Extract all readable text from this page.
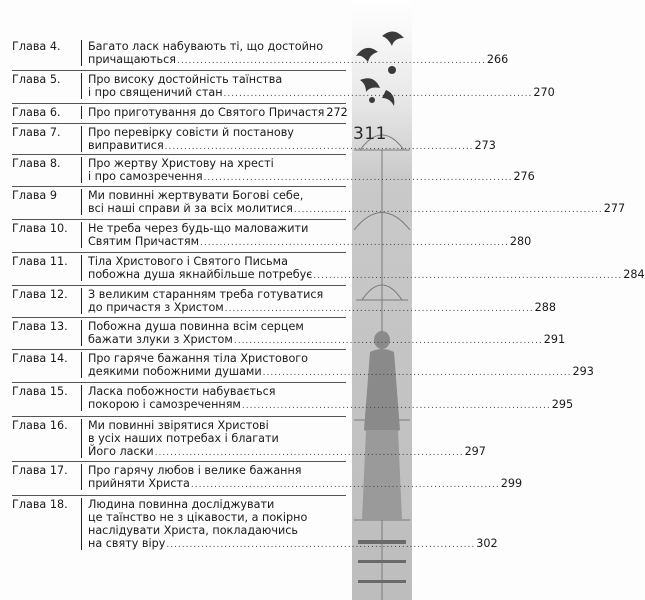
311
Глава 4.	Багато ласк набувають ті, що достойно
причащаються ................................................................................ 266
Глава 5.	Про високу достойність таїнства
і про священичий стан ................................................................................ 270
Глава 6.	Про приготування до Святого Причастя 272
Глава 7.	Про перевірку совісти й постанову
виправитися ................................................................................ 273
Глава 8.	Про жертву Христову на хресті
і про самозречення ................................................................................ 276
Глава 9	Ми повинні жертвувати Богові себе,
всі наші справи й за всіх молитися ................................................................................ 277
Глава 10.	Не треба через будь-що маловажити
Святим Причастям ................................................................................ 280
Глава 11.	Тіла Христового і Святого Письма
побожна душа якнайбільше потребує ................................................................................ 284
Глава 12.	З великим старанням треба готуватися
до причастя з Христом ................................................................................ 288
Глава 13.	Побожна душа повинна всім серцем
бажати злуки з Христом ................................................................................ 291
Глава 14.	Про гаряче бажання тіла Христового
деякими побожними душами ................................................................................ 293
Глава 15.	Ласка побожности набувається
покорою і самозреченням ................................................................................ 295
Глава 16.	Ми повинні звірятися Христові
в усіх наших потребах і благати
Його ласки ................................................................................ 297
Глава 17.	Про гарячу любов і велике бажання
прийняти Христа ................................................................................ 299
Глава 18.	Людина повинна досліджувати
це таїнство не з цікавости, а покірно
наслідувати Христа, покладаючись
на святу віру ................................................................................ 302
